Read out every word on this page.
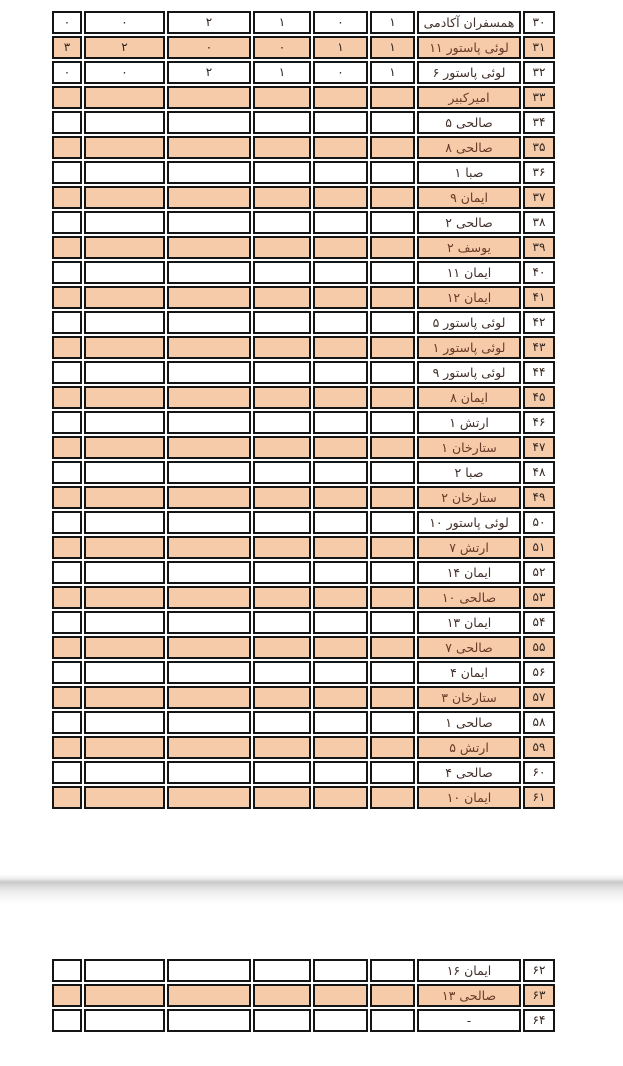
۳۰	همسفران آکادمی	۱	۰	۱	۲	۰	۰
۳۱	لوئی پاستور ۱۱	۱	۱	۰	۰	۲	۳
۳۲	لوئی پاستور ۶	۱	۰	۱	۲	۰	۰
۳۳	امیرکبیر						
۳۴	صالحی ۵						
۳۵	صالحی ۸						
۳۶	صبا ۱						
۳۷	ایمان ۹						
۳۸	صالحی ۲						
۳۹	یوسف ۲						
۴۰	ایمان ۱۱						
۴۱	ایمان ۱۲						
۴۲	لوئی پاستور ۵						
۴۳	لوئی پاستور ۱						
۴۴	لوئی پاستور ۹						
۴۵	ایمان ۸						
۴۶	ارتش ۱						
۴۷	ستارخان ۱						
۴۸	صبا ۲						
۴۹	ستارخان ۲						
۵۰	لوئی پاستور ۱۰						
۵۱	ارتش ۷						
۵۲	ایمان ۱۴						
۵۳	صالحی ۱۰						
۵۴	ایمان ۱۳						
۵۵	صالحی ۷						
۵۶	ایمان ۴						
۵۷	ستارخان ۳						
۵۸	صالحی ۱						
۵۹	ارتش ۵						
۶۰	صالحی ۴						
۶۱	ایمان ۱۰						
۶۲	ایمان ۱۶						
۶۳	صالحی ۱۳						
۶۴	-						
